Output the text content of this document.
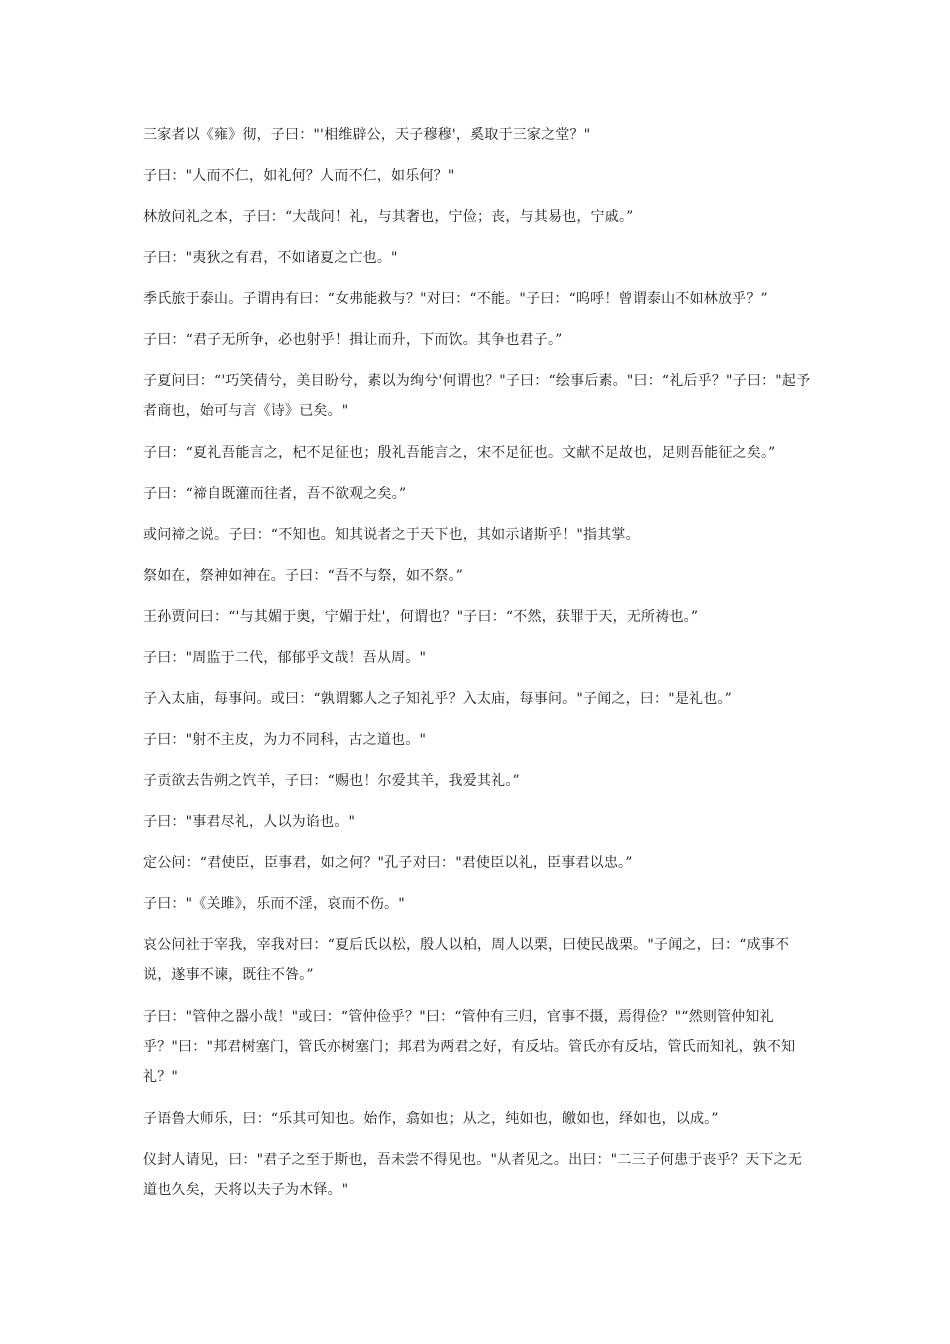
三家者以《雍》彻，子曰："'相维辟公，天子穆穆'，奚取于三家之堂？"

子曰："人而不仁，如礼何？人而不仁，如乐何？"

林放问礼之本，子曰：“大哉问！礼，与其奢也，宁俭；丧，与其易也，宁戚。”

子曰："夷狄之有君，不如诸夏之亡也。"

季氏旅于泰山。子谓冉有曰：“女弗能救与？"对曰：“不能。"子曰：“呜呼！曾谓泰山不如林放乎？”

子曰：“君子无所争，必也射乎！揖让而升，下而饮。其争也君子。”

子夏问曰：“'巧笑倩兮，美目盼兮，素以为绚兮'何谓也？"子曰：“绘事后素。"曰：“礼后乎？"子曰："起予者商也，始可与言《诗》已矣。"

子曰：“夏礼吾能言之，杞不足征也；殷礼吾能言之，宋不足征也。文献不足故也，足则吾能征之矣。”

子曰：“禘自既灌而往者，吾不欲观之矣。”

或问禘之说。子曰：“不知也。知其说者之于天下也，其如示诸斯乎！"指其掌。

祭如在，祭神如神在。子曰：“吾不与祭，如不祭。”

王孙贾问曰：“'与其媚于奥，宁媚于灶'，何谓也？"子曰：“不然，获罪于天，无所祷也。”

子曰："周监于二代，郁郁乎文哉！吾从周。"

子入太庙，每事问。或曰：“孰谓鄹人之子知礼乎？入太庙，每事问。"子闻之，曰："是礼也。”

子曰："射不主皮，为力不同科，古之道也。"

子贡欲去告朔之饩羊，子曰：“赐也！尔爱其羊，我爱其礼。”

子曰："事君尽礼，人以为谄也。"

定公问：“君使臣，臣事君，如之何？"孔子对曰："君使臣以礼，臣事君以忠。”

子曰："《关雎》，乐而不淫，哀而不伤。"

哀公问社于宰我，宰我对曰：“夏后氏以松，殷人以柏，周人以栗，曰使民战栗。"子闻之，曰：“成事不说，遂事不谏，既往不咎。”

子曰："管仲之器小哉！"或曰：“管仲俭乎？"曰：“管仲有三归，官事不摄，焉得俭？"“然则管仲知礼乎？"曰："邦君树塞门，管氏亦树塞门；邦君为两君之好，有反坫。管氏亦有反坫，管氏而知礼，孰不知礼？"

子语鲁大师乐，曰：“乐其可知也。始作，翕如也；从之，纯如也，皦如也，绎如也，以成。”

仪封人请见，曰："君子之至于斯也，吾未尝不得见也。"从者见之。出曰："二三子何患于丧乎？天下之无道也久矣，天将以夫子为木铎。"
